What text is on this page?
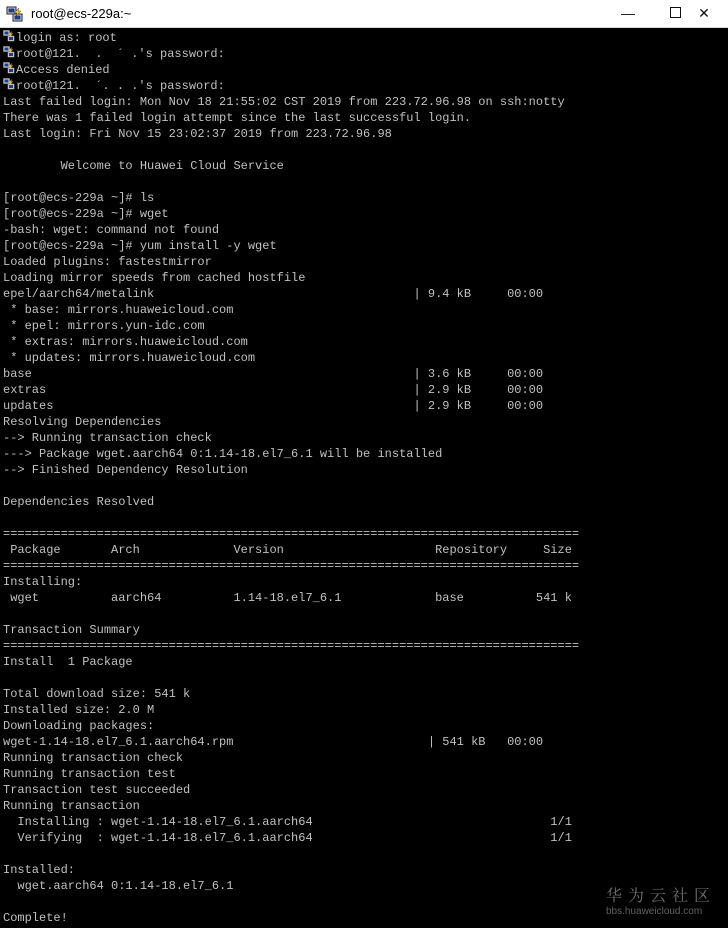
root@ecs-229a:~	—	✕
login as: root
root@121.  .  ´ .'s password:
Access denied
root@121.  ´. . .'s password:
Last failed login: Mon Nov 18 21:55:02 CST 2019 from 223.72.96.98 on ssh:notty
There was 1 failed login attempt since the last successful login.
Last login: Fri Nov 15 23:02:37 2019 from 223.72.96.98
Welcome to Huawei Cloud Service
[root@ecs-229a ~]# ls
[root@ecs-229a ~]# wget
-bash: wget: command not found
[root@ecs-229a ~]# yum install -y wget
Loaded plugins: fastestmirror
Loading mirror speeds from cached hostfile
epel/aarch64/metalink                                    | 9.4 kB     00:00
* base: mirrors.huaweicloud.com
* epel: mirrors.yun-idc.com
* extras: mirrors.huaweicloud.com
* updates: mirrors.huaweicloud.com
base                                                     | 3.6 kB     00:00
extras                                                   | 2.9 kB     00:00
updates                                                  | 2.9 kB     00:00
Resolving Dependencies
--> Running transaction check
---> Package wget.aarch64 0:1.14-18.el7_6.1 will be installed
--> Finished Dependency Resolution
Dependencies Resolved
================================================================================
Package       Arch             Version                     Repository     Size
================================================================================
Installing:
wget          aarch64          1.14-18.el7_6.1             base          541 k
Transaction Summary
================================================================================
Install  1 Package
Total download size: 541 k
Installed size: 2.0 M
Downloading packages:
wget-1.14-18.el7_6.1.aarch64.rpm                           | 541 kB   00:00
Running transaction check
Running transaction test
Transaction test succeeded
Running transaction
Installing : wget-1.14-18.el7_6.1.aarch64                                 1/1
Verifying  : wget-1.14-18.el7_6.1.aarch64                                 1/1
Installed:
wget.aarch64 0:1.14-18.el7_6.1
Complete!
华为云社区
bbs.huaweicloud.com
